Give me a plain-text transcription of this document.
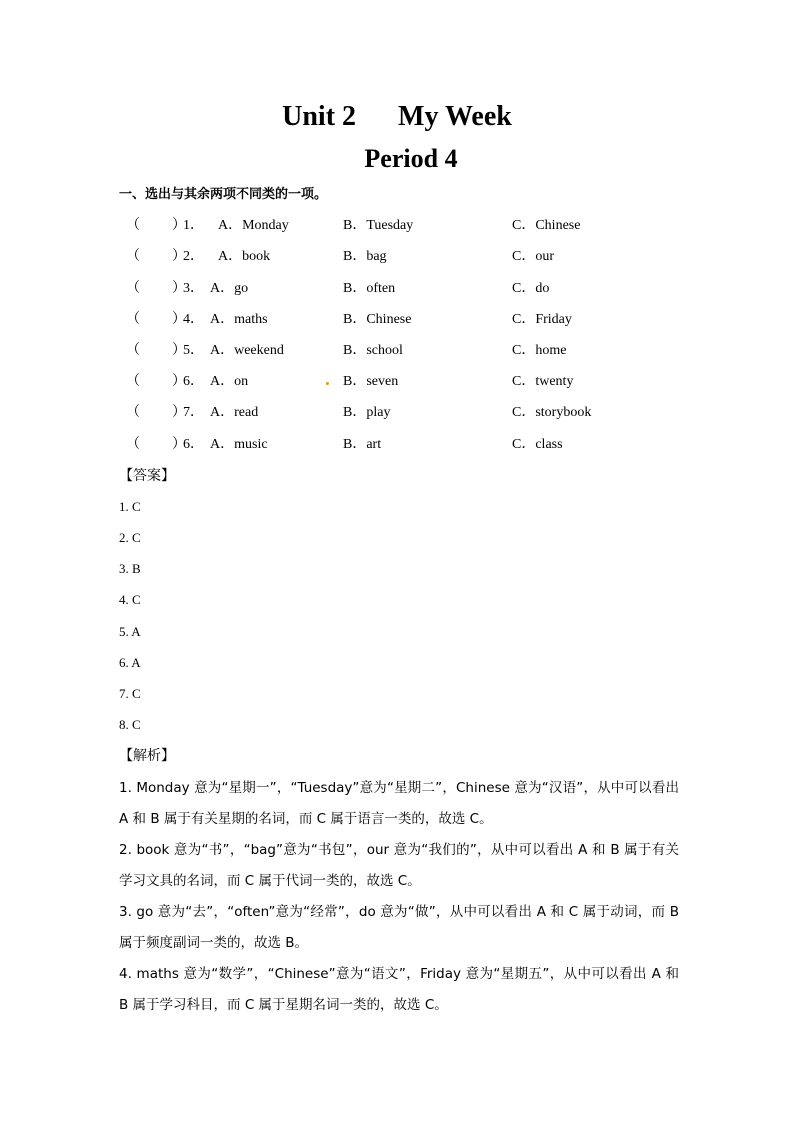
Unit 2      My Week
Period 4
一、选出与其余两项不同类的一项。
（ ）
1． A．Monday	B．Tuesday	C．Chinese
（ ）
2． A．book	B．bag	C．our
（ ）
3． A．go	B．often	C．do
（ ）
4． A．maths	B．Chinese	C．Friday
（ ）
5． A．weekend	B．school	C．home
（ ）
6． A．on	B．seven	C．twenty
（ ）
7． A．read	B．play	C．storybook
（ ）
6． A．music	B．art	C．class
【答案】
1. C
2. C
3. B
4. C
5. A
6. A
7. C
8. C
【解析】
1. Monday 意为“星期一”，“Tuesday”意为“星期二”，Chinese 意为“汉语”，从中可以看出 A 和 B 属于有关星期的名词，而 C 属于语言一类的，故选 C。
2. book 意为“书”，“bag”意为“书包”，our 意为“我们的”，从中可以看出 A 和 B 属于有关学习文具的名词，而 C 属于代词一类的，故选 C。
3. go 意为“去”，“often”意为“经常”，do 意为“做”，从中可以看出 A 和 C 属于动词，而 B 属于频度副词一类的，故选 B。
4. maths 意为“数学”，“Chinese”意为“语文”，Friday 意为“星期五”，从中可以看出 A 和 B 属于学习科目，而 C 属于星期名词一类的，故选 C。
